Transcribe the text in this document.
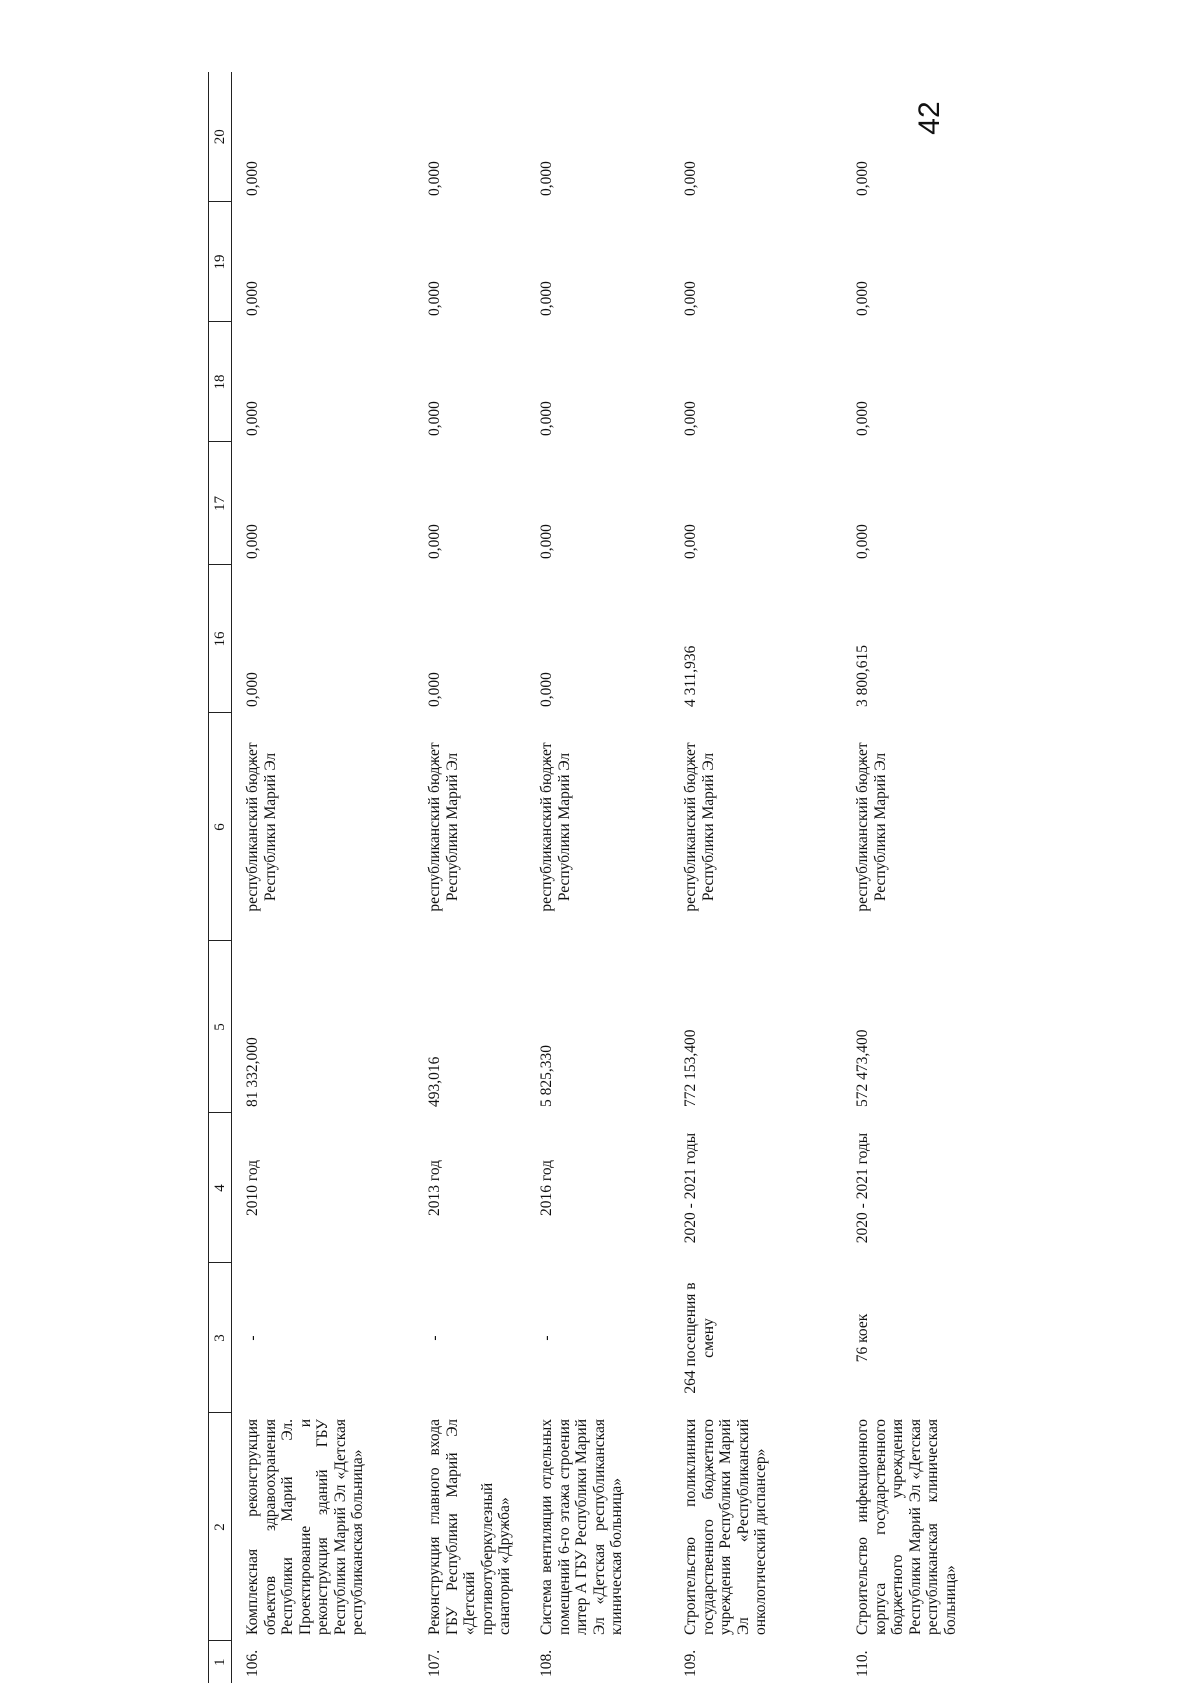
42
1	2	3	4	5	6	16	17	18	19	20
106.	Комплексная реконструкция объектов здравоохранения Республики Марий Эл. Проектирование и реконструкция зданий ГБУ Республики Марий Эл «Детская республиканская больница»	-	2010 год	81 332,000	республиканский бюджет Республики Марий Эл	0,000	0,000	0,000	0,000	0,000
107.	Реконструкция главного входа ГБУ Республики Марий Эл «Детский противотуберкулезный санаторий «Дружба»	-	2013 год	493,016	республиканский бюджет Республики Марий Эл	0,000	0,000	0,000	0,000	0,000
108.	Система вентиляции отдельных помещений 6-го этажа строения литер А ГБУ Республики Марий Эл «Детская республиканская клиническая больница»	-	2016 год	5 825,330	республиканский бюджет Республики Марий Эл	0,000	0,000	0,000	0,000	0,000
109.	Строительство поликлиники государственного бюджетного учреждения Республики Марий Эл «Республиканский онкологический диспансер»	264 посещения в смену	2020 - 2021 годы	772 153,400	республиканский бюджет Республики Марий Эл	4 311,936	0,000	0,000	0,000	0,000
110.	Строительство инфекционного корпуса государственного бюджетного учреждения Республики Марий Эл «Детская республиканская клиническая больница»	76 коек	2020 - 2021 годы	572 473,400	республиканский бюджет Республики Марий Эл	3 800,615	0,000	0,000	0,000	0,000
